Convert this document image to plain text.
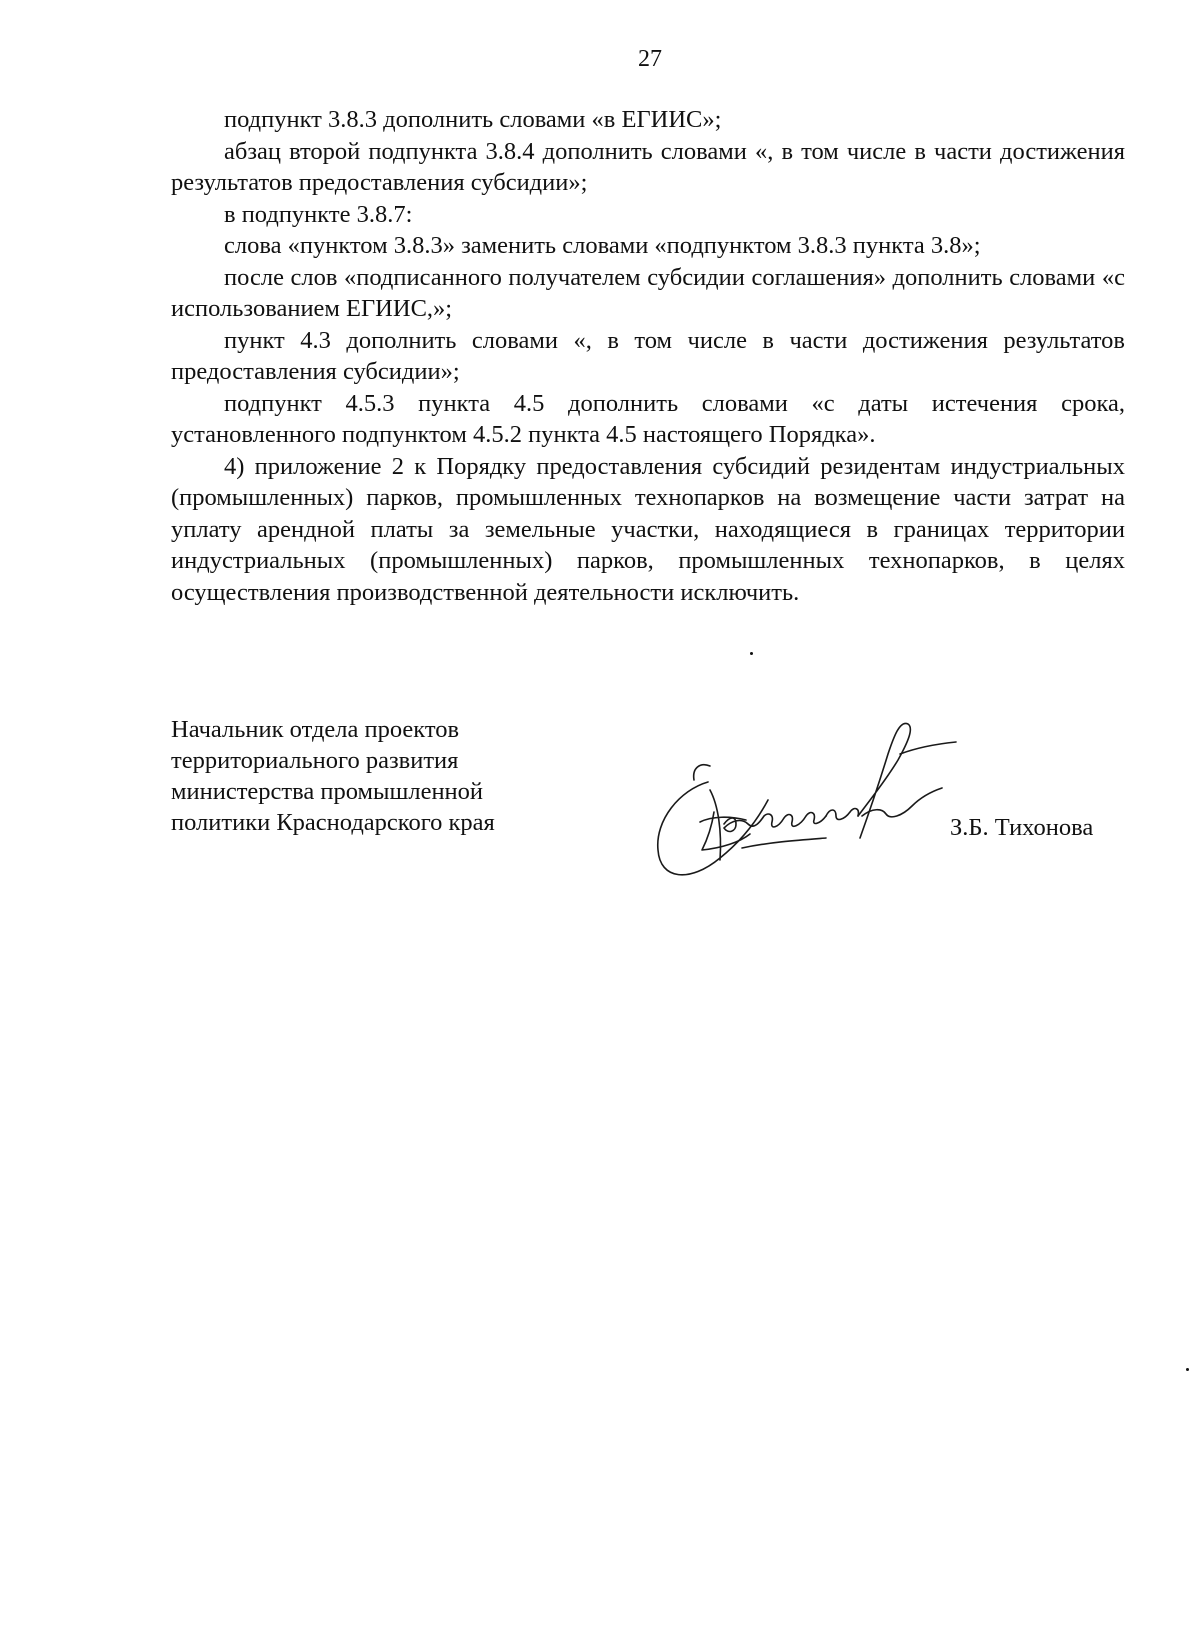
27

подпункт 3.8.3 дополнить словами «в ЕГИИС»;

абзац второй подпункта 3.8.4 дополнить словами «, в том числе в части достижения результатов предоставления субсидии»;

в подпункте 3.8.7:

слова «пунктом 3.8.3» заменить словами «подпунктом 3.8.3 пункта 3.8»;

после слов «подписанного получателем субсидии соглашения» дополнить словами «с использованием ЕГИИС,»;

пункт 4.3 дополнить словами «, в том числе в части достижения результатов предоставления субсидии»;

подпункт 4.5.3 пункта 4.5 дополнить словами «с даты истечения срока, установленного подпунктом 4.5.2 пункта 4.5 настоящего Порядка».

4) приложение 2 к Порядку предоставления субсидий резидентам индустриальных (промышленных) парков, промышленных технопарков на возмещение части затрат на уплату арендной платы за земельные участки, находящиеся в границах территории индустриальных (промышленных) парков, промышленных технопарков, в целях осуществления производственной деятельности исключить.

Начальник отдела проектов
территориального развития
министерства промышленной
политики Краснодарского края	З.Б. Тихонова
